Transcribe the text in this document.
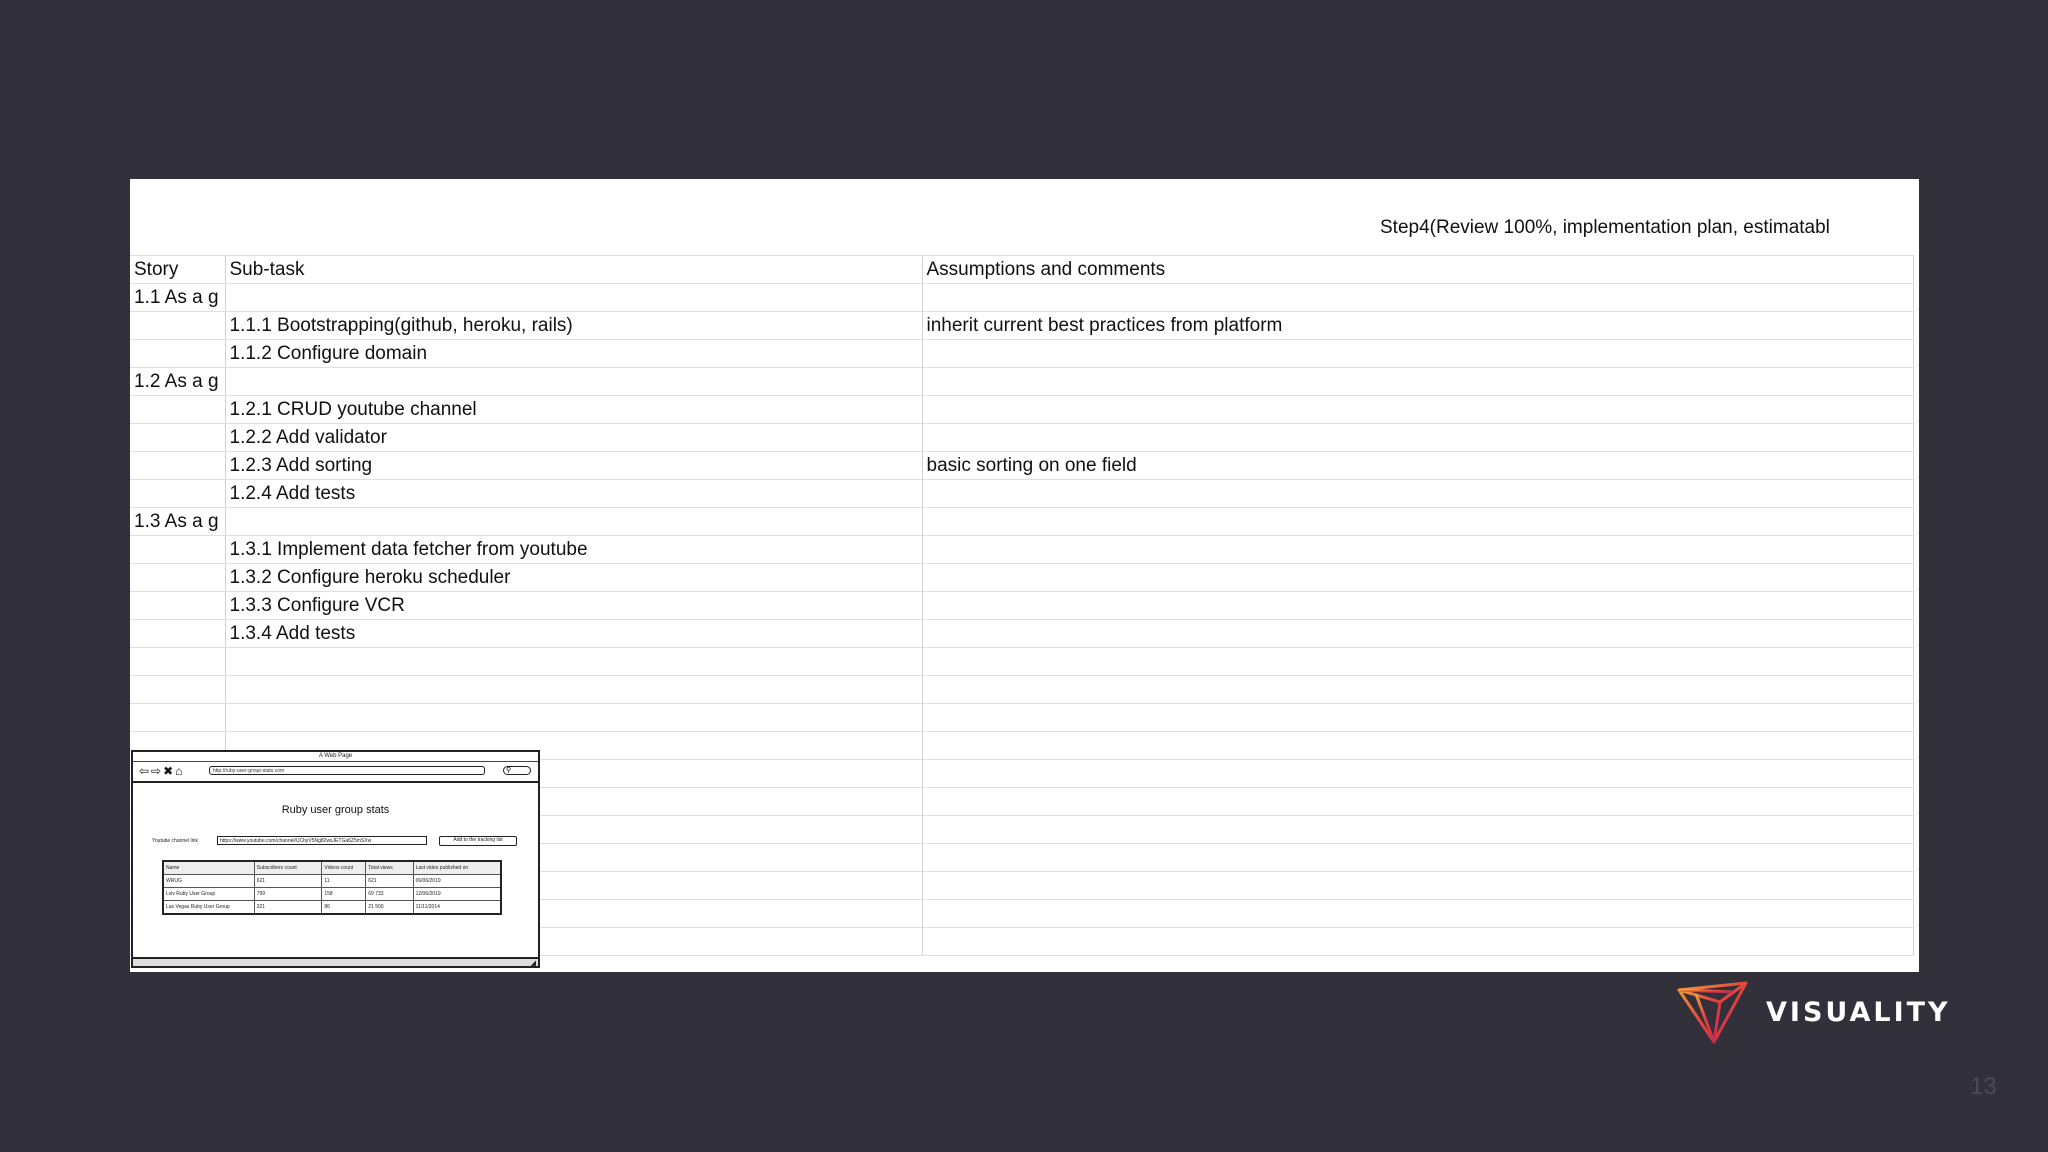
Step4(Review 100%, implementation plan, estimatabl
Story	Sub-task	Assumptions and comments
1.1 As a g		
	1.1.1 Bootstrapping(github, heroku, rails)	inherit current best practices from platform
	1.1.2 Configure domain	
1.2 As a g		
	1.2.1 CRUD youtube channel	
	1.2.2 Add validator	
	1.2.3 Add sorting	basic sorting on one field
	1.2.4 Add tests	
1.3 As a g		
	1.3.1 Implement data fetcher from youtube	
	1.3.2 Configure heroku scheduler	
	1.3.3 Configure VCR	
	1.3.4 Add tests	

A Web Page
⇦⇨✖⌂	http://ruby-user-group-stats.com	⚲
Ruby user group stats
Youtube channel link	https://www.youtube.com/channel/UCbyV5Ng82wsJETGa6Z5mSXw	Add to the tracking list
Name	Subscribers count	Videos count	Total views	Last video published on
WRUG	621	11	621	06/06/2019
Lviv Ruby User Group	799	158	69 733	12/06/2019
Las Vegas Ruby User Group	321	86	21 500	11/11/2014
◢
VISUALITY
13
